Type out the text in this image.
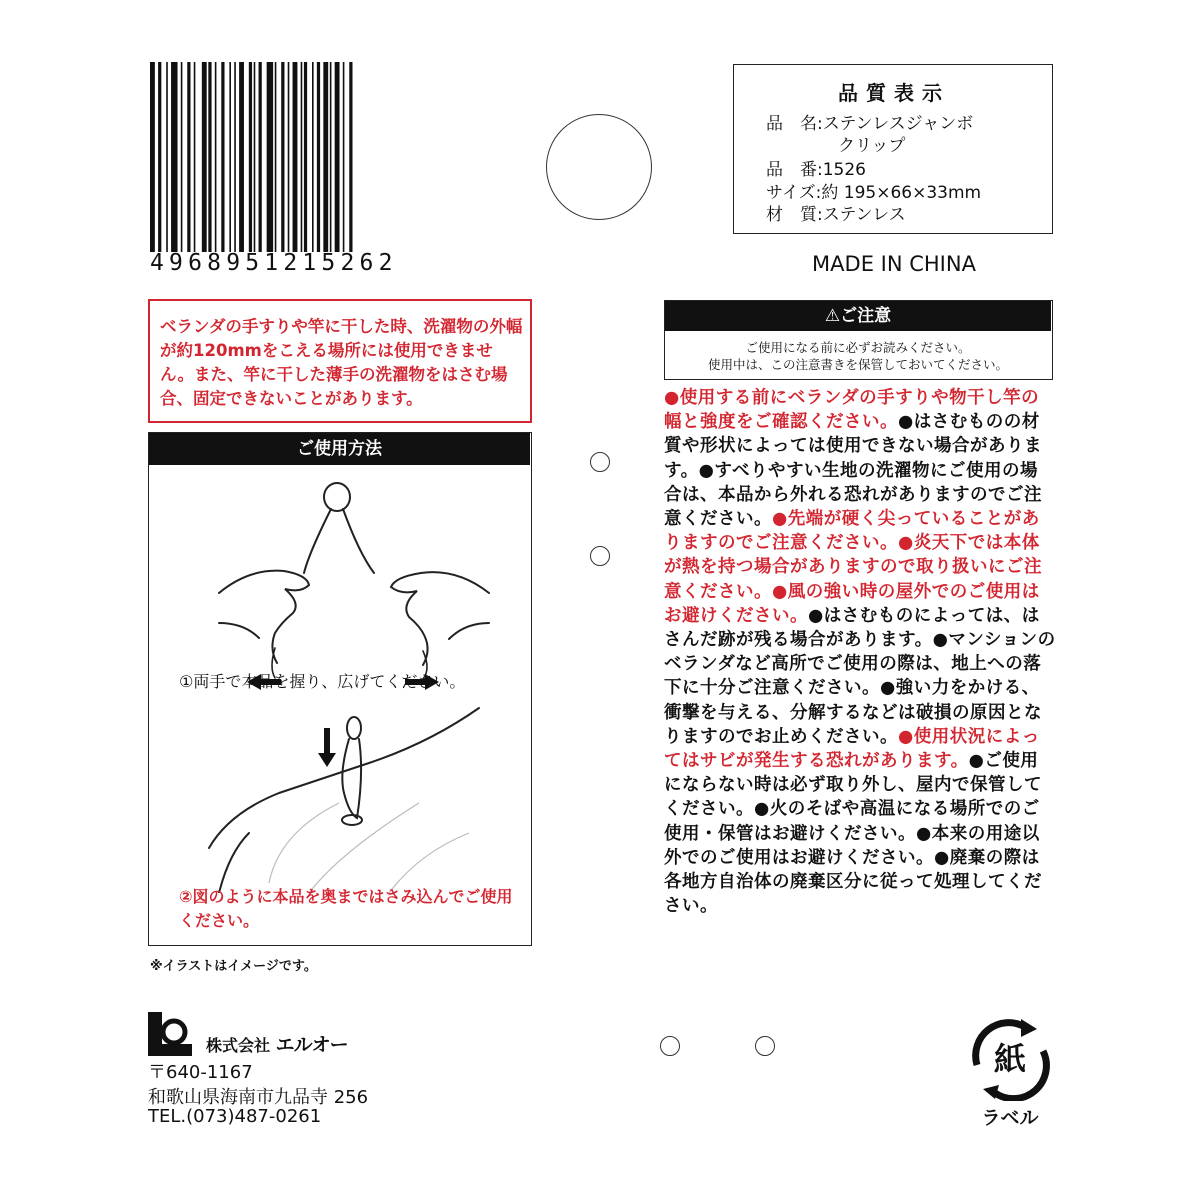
4968951215262
品質表示
品　名:ステンレスジャンボ
クリップ
品　番:1526
サイズ:約 195×66×33mm
材　質:ステンレス
MADE IN CHINA
ベランダの手すりや竿に干した時、洗濯物の外幅が約120mmをこえる場所には使用できません。また、竿に干した薄手の洗濯物をはさむ場合、固定できないことがあります。
ご使用方法
①両手で本品を握り、広げてください。
②図のように本品を奥まではさみ込んでご使用ください。
※イラストはイメージです。
⚠ご注意
ご使用になる前に必ずお読みください。
使用中は、この注意書きを保管しておいてください。
●使用する前にベランダの手すりや物干し竿の幅と強度をご確認ください。●はさむものの材質や形状によっては使用できない場合があります。●すべりやすい生地の洗濯物にご使用の場合は、本品から外れる恐れがありますのでご注意ください。●先端が硬く尖っていることがありますのでご注意ください。●炎天下では本体が熱を持つ場合がありますので取り扱いにご注意ください。●風の強い時の屋外でのご使用はお避けください。●はさむものによっては、はさんだ跡が残る場合があります。●マンションのベランダなど高所でご使用の際は、地上への落下に十分ご注意ください。●強い力をかける、衝撃を与える、分解するなどは破損の原因となりますのでお止めください。●使用状況によってはサビが発生する恐れがあります。●ご使用にならない時は必ず取り外し、屋内で保管してください。●火のそばや高温になる場所でのご使用・保管はお避けください。●本来の用途以外でのご使用はお避けください。●廃棄の際は各地方自治体の廃棄区分に従って処理してください。
株式会社 エルオー
〒640-1167
和歌山県海南市九品寺 256
TEL.(073)487-0261
紙
ラベル
